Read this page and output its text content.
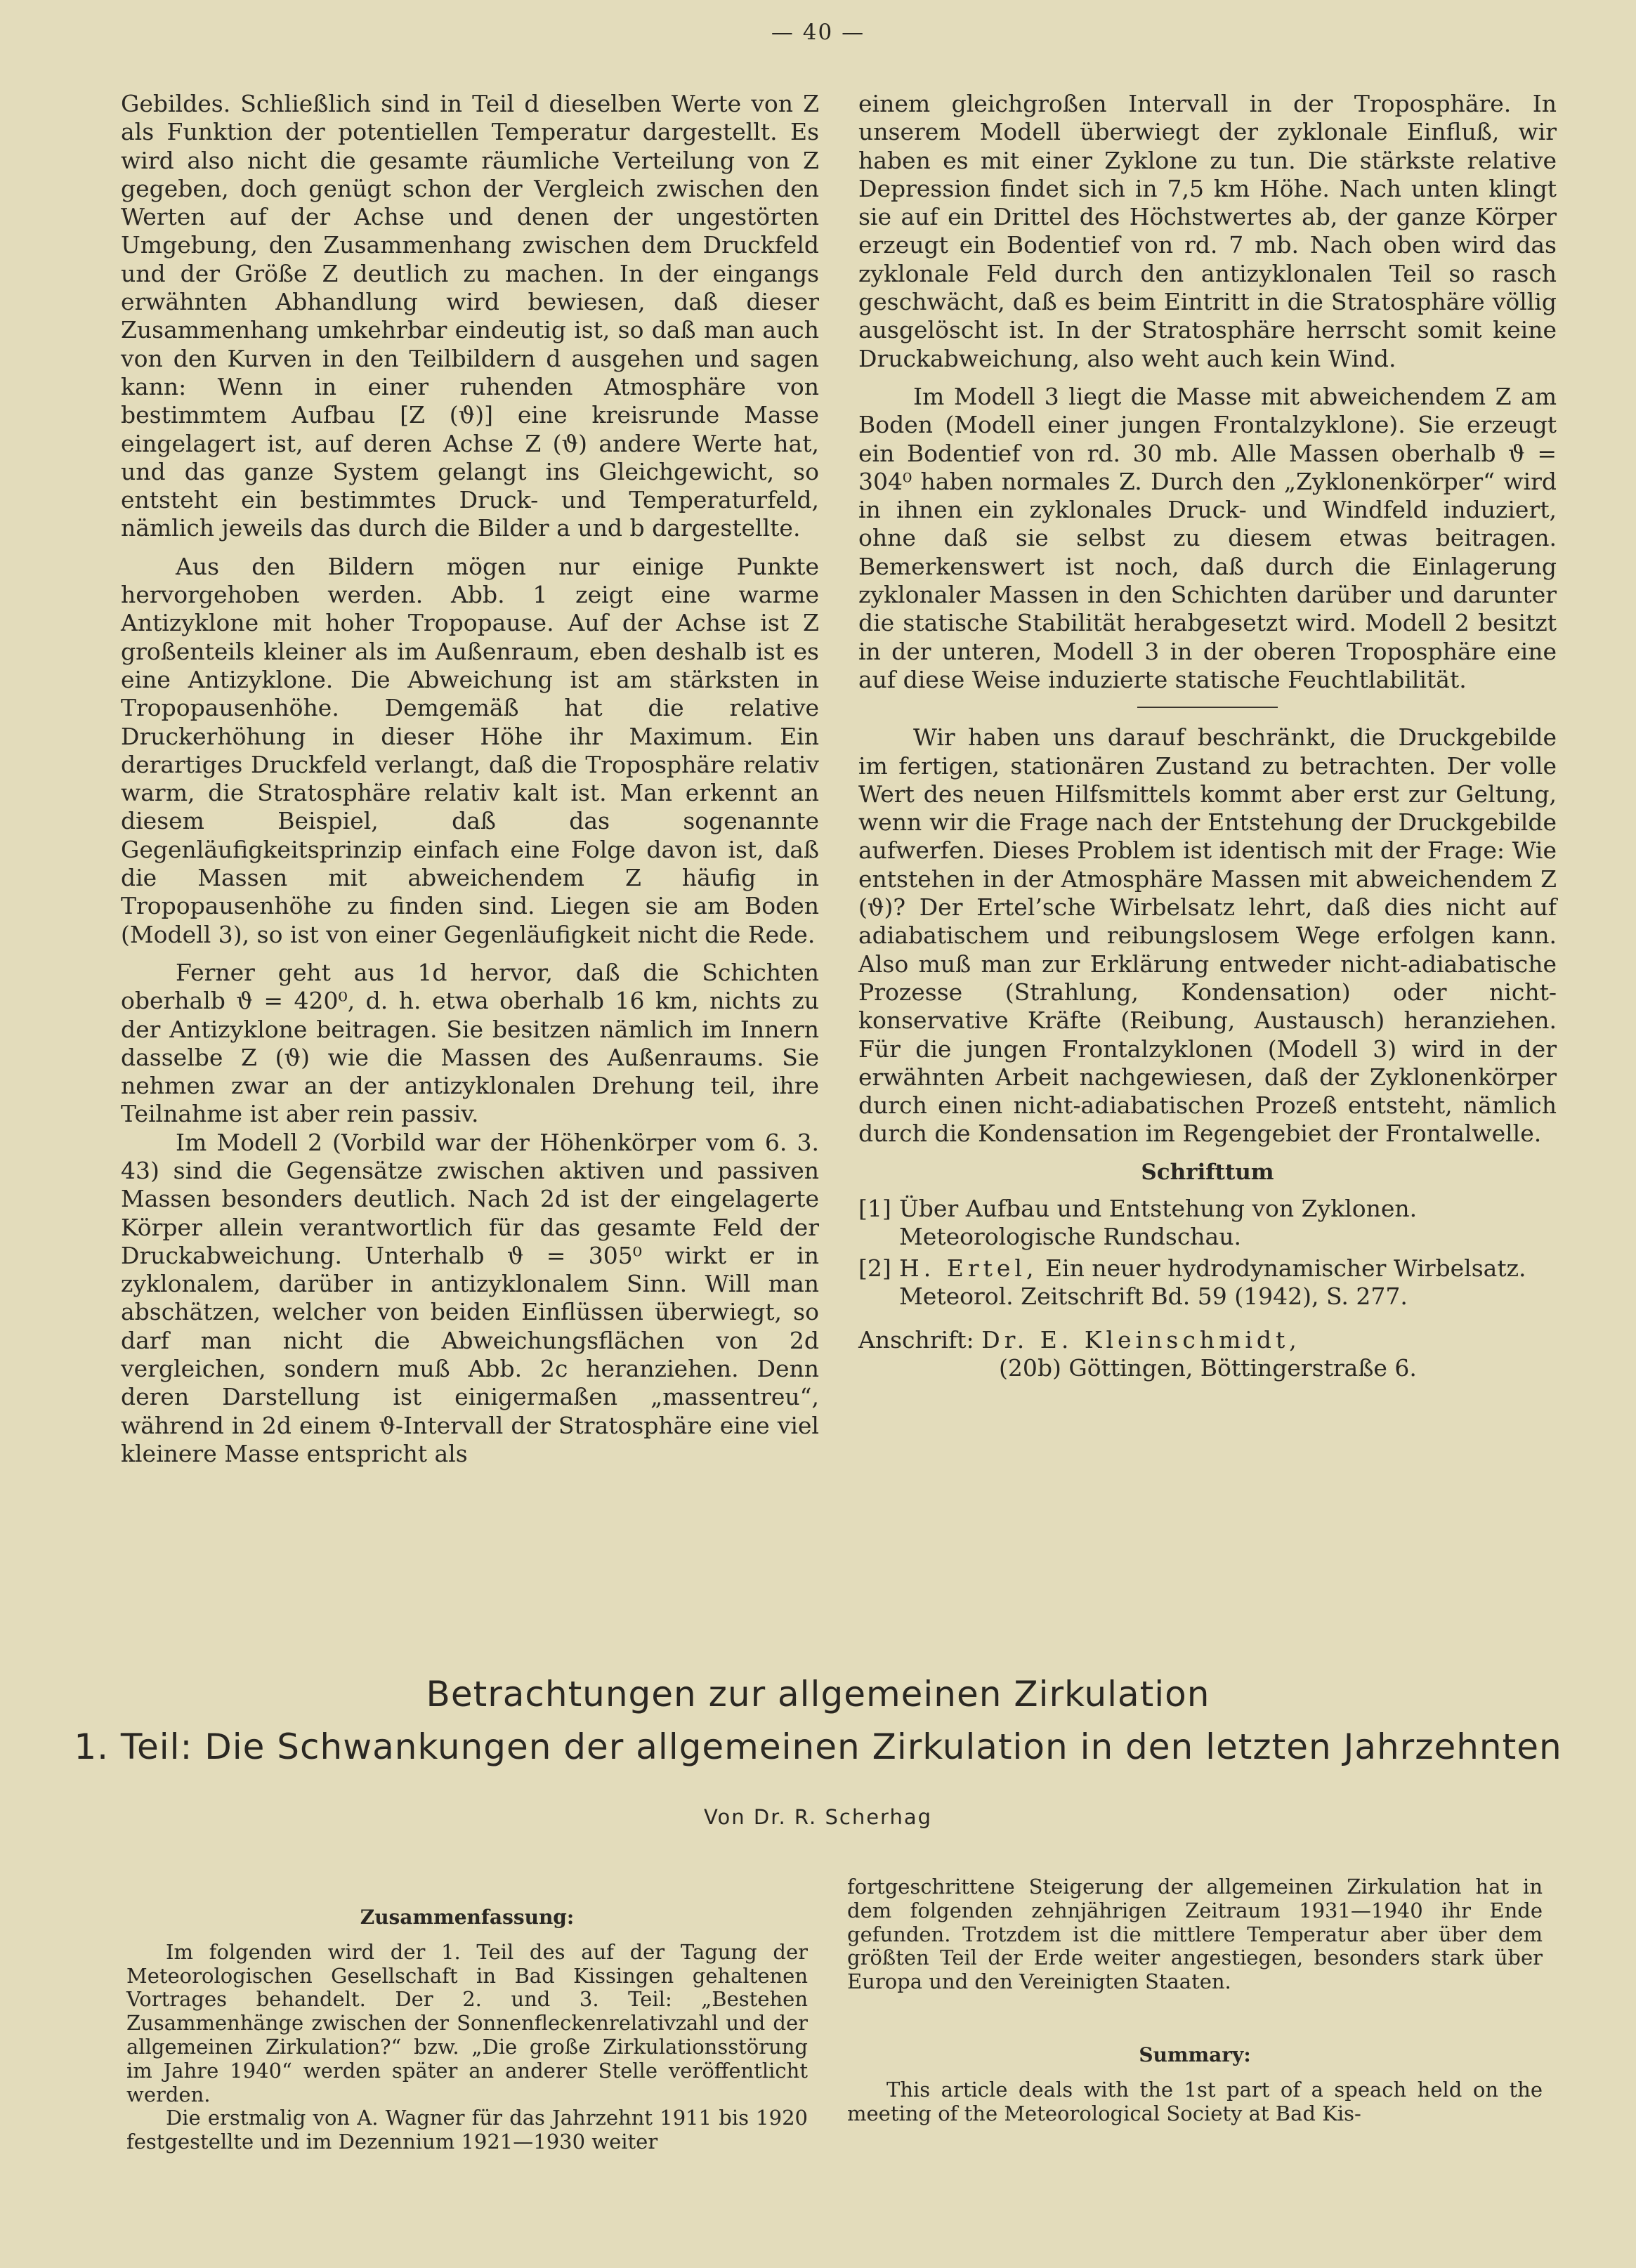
— 40 —

Gebildes. Schließlich sind in Teil d dieselben Werte von Z als Funktion der potentiellen Temperatur dargestellt. Es wird also nicht die gesamte räumliche Verteilung von Z gegeben, doch genügt schon der Vergleich zwischen den Werten auf der Achse und denen der ungestörten Umgebung, den Zusammenhang zwischen dem Druckfeld und der Größe Z deutlich zu machen. In der eingangs erwähnten Abhandlung wird bewiesen, daß dieser Zusammenhang umkehrbar eindeutig ist, so daß man auch von den Kurven in den Teilbildern d ausgehen und sagen kann: Wenn in einer ruhenden Atmosphäre von bestimmtem Aufbau [Z (ϑ)] eine kreisrunde Masse eingelagert ist, auf deren Achse Z (ϑ) andere Werte hat, und das ganze System gelangt ins Gleichgewicht, so entsteht ein bestimmtes Druck- und Temperaturfeld, nämlich jeweils das durch die Bilder a und b dargestellte.

Aus den Bildern mögen nur einige Punkte hervorgehoben werden. Abb. 1 zeigt eine warme Antizyklone mit hoher Tropopause. Auf der Achse ist Z großenteils kleiner als im Außenraum, eben deshalb ist es eine Antizyklone. Die Abweichung ist am stärksten in Tropopausenhöhe. Demgemäß hat die relative Druckerhöhung in dieser Höhe ihr Maximum. Ein derartiges Druckfeld verlangt, daß die Troposphäre relativ warm, die Stratosphäre relativ kalt ist. Man erkennt an diesem Beispiel, daß das sogenannte Gegenläufigkeitsprinzip einfach eine Folge davon ist, daß die Massen mit abweichendem Z häufig in Tropopausenhöhe zu finden sind. Liegen sie am Boden (Modell 3), so ist von einer Gegenläufigkeit nicht die Rede.

Ferner geht aus 1d hervor, daß die Schichten oberhalb ϑ = 420⁰, d. h. etwa oberhalb 16 km, nichts zu der Antizyklone beitragen. Sie besitzen nämlich im Innern dasselbe Z (ϑ) wie die Massen des Außenraums. Sie nehmen zwar an der antizyklonalen Drehung teil, ihre Teilnahme ist aber rein passiv.

Im Modell 2 (Vorbild war der Höhenkörper vom 6. 3. 43) sind die Gegensätze zwischen aktiven und passiven Massen besonders deutlich. Nach 2d ist der eingelagerte Körper allein verantwortlich für das gesamte Feld der Druckabweichung. Unterhalb ϑ = 305⁰ wirkt er in zyklonalem, darüber in antizyklonalem Sinn. Will man abschätzen, welcher von beiden Einflüssen überwiegt, so darf man nicht die Abweichungsflächen von 2d vergleichen, sondern muß Abb. 2c heranziehen. Denn deren Darstellung ist einigermaßen „massentreu“, während in 2d einem ϑ-Intervall der Stratosphäre eine viel kleinere Masse entspricht als

einem gleichgroßen Intervall in der Troposphäre. In unserem Modell überwiegt der zyklonale Einfluß, wir haben es mit einer Zyklone zu tun. Die stärkste relative Depression findet sich in 7,5 km Höhe. Nach unten klingt sie auf ein Drittel des Höchstwertes ab, der ganze Körper erzeugt ein Bodentief von rd. 7 mb. Nach oben wird das zyklonale Feld durch den antizyklonalen Teil so rasch geschwächt, daß es beim Eintritt in die Stratosphäre völlig ausgelöscht ist. In der Stratosphäre herrscht somit keine Druckabweichung, also weht auch kein Wind.

Im Modell 3 liegt die Masse mit abweichendem Z am Boden (Modell einer jungen Frontalzyklone). Sie erzeugt ein Bodentief von rd. 30 mb. Alle Massen oberhalb ϑ = 304⁰ haben normales Z. Durch den „Zyklonenkörper“ wird in ihnen ein zyklonales Druck- und Windfeld induziert, ohne daß sie selbst zu diesem etwas beitragen. Bemerkenswert ist noch, daß durch die Einlagerung zyklonaler Massen in den Schichten darüber und darunter die statische Stabilität herabgesetzt wird. Modell 2 besitzt in der unteren, Modell 3 in der oberen Troposphäre eine auf diese Weise induzierte statische Feuchtlabilität.

Wir haben uns darauf beschränkt, die Druckgebilde im fertigen, stationären Zustand zu betrachten. Der volle Wert des neuen Hilfsmittels kommt aber erst zur Geltung, wenn wir die Frage nach der Entstehung der Druckgebilde aufwerfen. Dieses Problem ist identisch mit der Frage: Wie entstehen in der Atmosphäre Massen mit abweichendem Z (ϑ)? Der Ertel’sche Wirbelsatz lehrt, daß dies nicht auf adiabatischem und reibungslosem Wege erfolgen kann. Also muß man zur Erklärung entweder nicht-adiabatische Prozesse (Strahlung, Kondensation) oder nicht-konservative Kräfte (Reibung, Austausch) heranziehen. Für die jungen Frontalzyklonen (Modell 3) wird in der erwähnten Arbeit nachgewiesen, daß der Zyklonenkörper durch einen nicht-adiabatischen Prozeß entsteht, nämlich durch die Kondensation im Regengebiet der Frontalwelle.

Schrifttum
[1] Über Aufbau und Entstehung von Zyklonen. Meteorologische Rundschau.
[2] H. Ertel, Ein neuer hydrodynamischer Wirbelsatz. Meteorol. Zeitschrift Bd. 59 (1942), S. 277.
Anschrift: Dr. E. Kleinschmidt,
(20b) Göttingen, Böttingerstraße 6.
Betrachtungen zur allgemeinen Zirkulation
1. Teil: Die Schwankungen der allgemeinen Zirkulation in den letzten Jahrzehnten
Von Dr. R. Scherhag
Zusammenfassung:

Im folgenden wird der 1. Teil des auf der Tagung der Meteorologischen Gesellschaft in Bad Kissingen gehaltenen Vortrages behandelt. Der 2. und 3. Teil: „Bestehen Zusammenhänge zwischen der Sonnenfleckenrelativzahl und der allgemeinen Zirkulation?“ bzw. „Die große Zirkulationsstörung im Jahre 1940“ werden später an anderer Stelle veröffentlicht werden.

Die erstmalig von A. Wagner für das Jahrzehnt 1911 bis 1920 festgestellte und im Dezennium 1921—1930 weiter

fortgeschrittene Steigerung der allgemeinen Zirkulation hat in dem folgenden zehnjährigen Zeitraum 1931—1940 ihr Ende gefunden. Trotzdem ist die mittlere Temperatur aber über dem größten Teil der Erde weiter angestiegen, besonders stark über Europa und den Vereinigten Staaten.

Summary:

This article deals with the 1st part of a speach held on the meeting of the Meteorological Society at Bad Kis-
